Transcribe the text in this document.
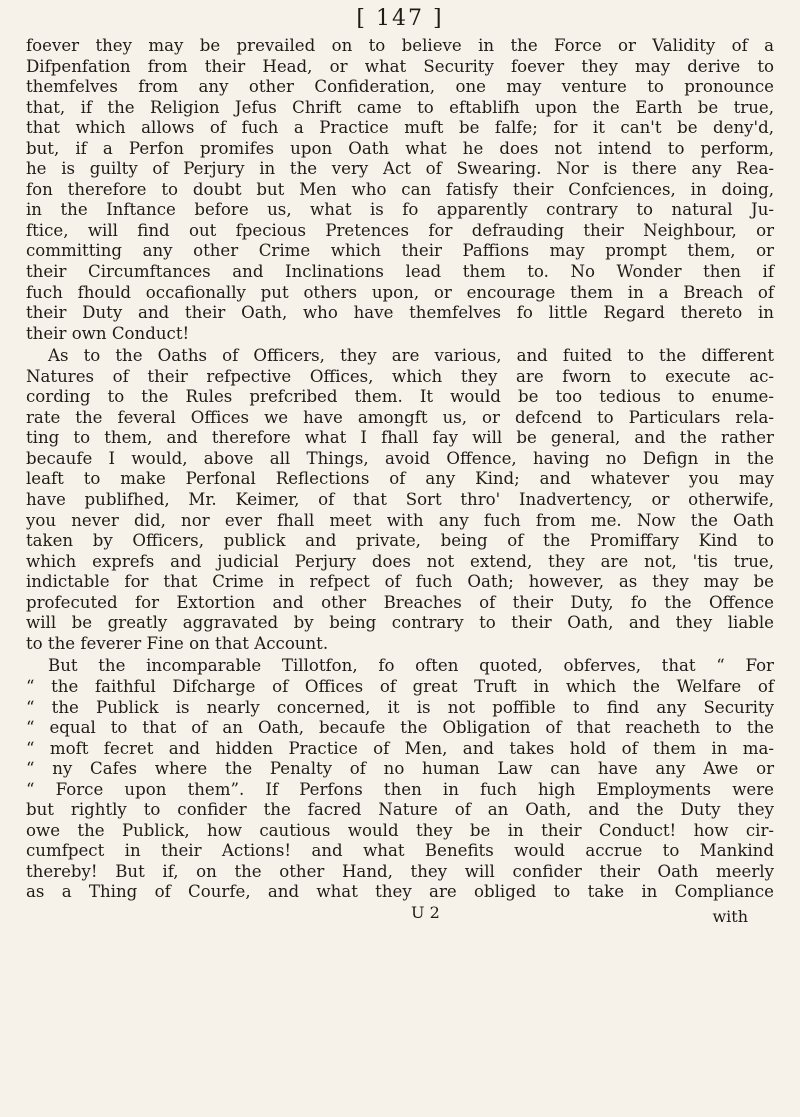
[ 147 ]
foever they may be prevailed on to believe in the Force or Validity of a
Difpenfation from their Head, or what Security foever they may derive to
themfelves from any other Confideration, one may venture to pronounce
that, if the Religion Jefus Chrift came to eftablifh upon the Earth be true,
that which allows of fuch a Practice muft be falfe; for it can't be deny'd,
but, if a Perfon promifes upon Oath what he does not intend to perform,
he is guilty of Perjury in the very Act of Swearing. Nor is there any Rea-
fon therefore to doubt but Men who can fatisfy their Confciences, in doing,
in the Inftance before us, what is fo apparently contrary to natural Ju-
ftice, will find out fpecious Pretences for defrauding their Neighbour, or
committing any other Crime which their Paffions may prompt them, or
their Circumftances and Inclinations lead them to. No Wonder then if
fuch fhould occafionally put others upon, or encourage them in a Breach of
their Duty and their Oath, who have themfelves fo little Regard thereto in
their own Conduct!
As to the Oaths of Officers, they are various, and fuited to the different
Natures of their refpective Offices, which they are fworn to execute ac-
cording to the Rules prefcribed them. It would be too tedious to enume-
rate the feveral Offices we have amongft us, or defcend to Particulars rela-
ting to them, and therefore what I fhall fay will be general, and the rather
becaufe I would, above all Things, avoid Offence, having no Defign in the
leaft to make Perfonal Reflections of any Kind; and whatever you may
have publifhed, Mr. Keimer, of that Sort thro' Inadvertency, or otherwife,
you never did, nor ever fhall meet with any fuch from me. Now the Oath
taken by Officers, publick and private, being of the Promiffary Kind to
which exprefs and judicial Perjury does not extend, they are not, 'tis true,
indictable for that Crime in refpect of fuch Oath; however, as they may be
profecuted for Extortion and other Breaches of their Duty, fo the Offence
will be greatly aggravated by being contrary to their Oath, and they liable
to the feverer Fine on that Account.
But the incomparable Tillotfon, fo often quoted, obferves, that “ For
“ the faithful Difcharge of Offices of great Truft in which the Welfare of
“ the Publick is nearly concerned, it is not poffible to find any Security
“ equal to that of an Oath, becaufe the Obligation of that reacheth to the
“ moft fecret and hidden Practice of Men, and takes hold of them in ma-
“ ny Cafes where the Penalty of no human Law can have any Awe or
“ Force upon them”. If Perfons then in fuch high Employments were
but rightly to confider the facred Nature of an Oath, and the Duty they
owe the Publick, how cautious would they be in their Conduct! how cir-
cumfpect in their Actions! and what Benefits would accrue to Mankind
thereby! But if, on the other Hand, they will confider their Oath meerly
as a Thing of Courfe, and what they are obliged to take in Compliance
U 2	with
